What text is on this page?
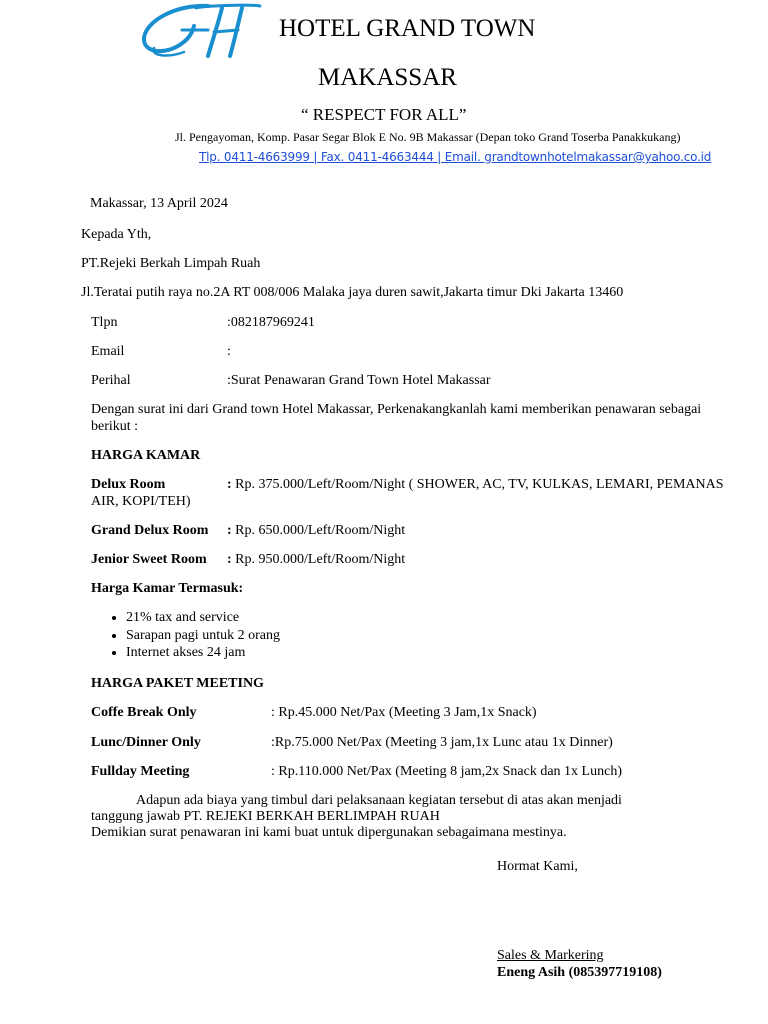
HOTEL GRAND TOWN
MAKASSAR
“ RESPECT FOR ALL”
Jl. Pengayoman, Komp. Pasar Segar Blok E No. 9B Makassar (Depan toko Grand Toserba Panakkukang)
Tlp. 0411-4663999 | Fax. 0411-4663444 | Email. grandtownhotelmakassar@yahoo.co.id
Makassar, 13 April 2024
Kepada Yth,
PT.Rejeki Berkah Limpah Ruah
Jl.Teratai putih raya no.2A RT 008/006 Malaka jaya duren sawit,Jakarta timur Dki Jakarta 13460
Tlpn	:082187969241
Email	:
Perihal	:Surat Penawaran Grand Town Hotel Makassar
Dengan surat ini dari Grand town Hotel Makassar, Perkenakangkanlah kami memberikan penawaran sebagai
berikut :
HARGA KAMAR
Delux Room	: Rp. 375.000/Left/Room/Night ( SHOWER, AC, TV, KULKAS, LEMARI, PEMANAS
AIR, KOPI/TEH)
Grand Delux Room : Rp. 650.000/Left/Room/Night
Jenior Sweet Room : Rp. 950.000/Left/Room/Night
Harga Kamar Termasuk:
• 21% tax and service
• Sarapan pagi untuk 2 orang
• Internet akses 24 jam
HARGA PAKET MEETING
Coffe Break Only	: Rp.45.000 Net/Pax (Meeting 3 Jam,1x Snack)
Lunc/Dinner Only	:Rp.75.000 Net/Pax (Meeting 3 jam,1x Lunc atau 1x Dinner)
Fullday Meeting	: Rp.110.000 Net/Pax (Meeting 8 jam,2x Snack dan 1x Lunch)
Adapun ada biaya yang timbul dari pelaksanaan kegiatan tersebut di atas akan menjadi
tanggung jawab PT. REJEKI BERKAH BERLIMPAH RUAH
Demikian surat penawaran ini kami buat untuk dipergunakan sebagaimana mestinya.
Hormat Kami,
Sales & Markering
Eneng Asih (085397719108)
